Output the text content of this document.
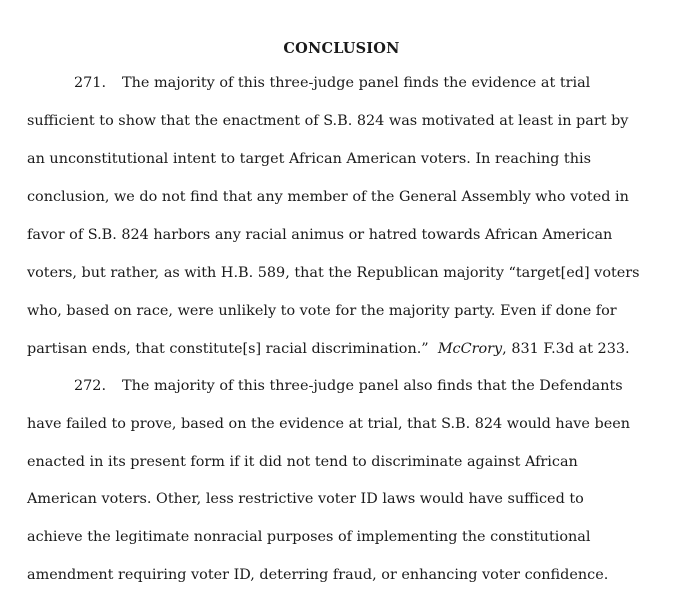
CONCLUSION
271. The majority of this three-judge panel finds the evidence at trial
sufficient to show that the enactment of S.B. 824 was motivated at least in part by
an unconstitutional intent to target African American voters. In reaching this
conclusion, we do not find that any member of the General Assembly who voted in
favor of S.B. 824 harbors any racial animus or hatred towards African American
voters, but rather, as with H.B. 589, that the Republican majority “target[ed] voters
who, based on race, were unlikely to vote for the majority party. Even if done for
partisan ends, that constitute[s] racial discrimination.” McCrory, 831 F.3d at 233.
272. The majority of this three-judge panel also finds that the Defendants
have failed to prove, based on the evidence at trial, that S.B. 824 would have been
enacted in its present form if it did not tend to discriminate against African
American voters. Other, less restrictive voter ID laws would have sufficed to
achieve the legitimate nonracial purposes of implementing the constitutional
amendment requiring voter ID, deterring fraud, or enhancing voter confidence.
